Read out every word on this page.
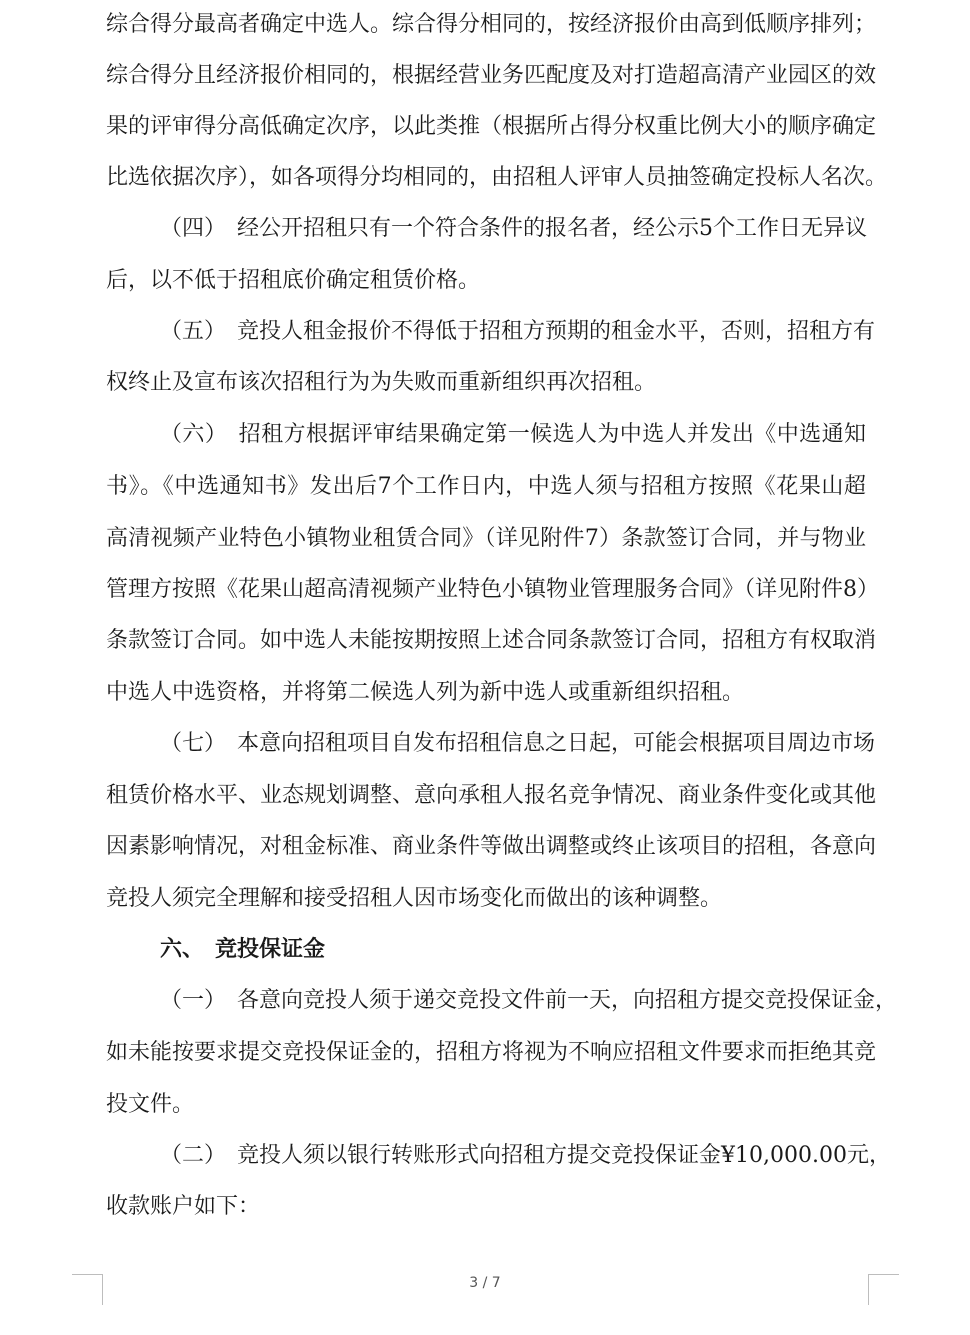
综合得分最高者确定中选人。综合得分相同的，按经济报价由高到低顺序排列；
综合得分且经济报价相同的，根据经营业务匹配度及对打造超高清产业园区的效
果的评审得分高低确定次序，以此类推（根据所占得分权重比例大小的顺序确定
比选依据次序），如各项得分均相同的，由招租人评审人员抽签确定投标人名次。
（四）　经公开招租只有一个符合条件的报名者，经公示5个工作日无异议
后，以不低于招租底价确定租赁价格。
（五）　竞投人租金报价不得低于招租方预期的租金水平，否则，招租方有
权终止及宣布该次招租行为为失败而重新组织再次招租。
（六）　招租方根据评审结果确定第一候选人为中选人并发出《中选通知
书》。《中选通知书》发出后7个工作日内，中选人须与招租方按照《花果山超
高清视频产业特色小镇物业租赁合同》（详见附件7）条款签订合同，并与物业
管理方按照《花果山超高清视频产业特色小镇物业管理服务合同》（详见附件8）
条款签订合同。如中选人未能按期按照上述合同条款签订合同，招租方有权取消
中选人中选资格，并将第二候选人列为新中选人或重新组织招租。
（七）　本意向招租项目自发布招租信息之日起，可能会根据项目周边市场
租赁价格水平、业态规划调整、意向承租人报名竞争情况、商业条件变化或其他
因素影响情况，对租金标准、商业条件等做出调整或终止该项目的招租，各意向
竞投人须完全理解和接受招租人因市场变化而做出的该种调整。
六、　竞投保证金
（一）　各意向竞投人须于递交竞投文件前一天，向招租方提交竞投保证金，
如未能按要求提交竞投保证金的，招租方将视为不响应招租文件要求而拒绝其竞
投文件。
（二）　竞投人须以银行转账形式向招租方提交竞投保证金¥10,000.00元，
收款账户如下：
3 / 7
